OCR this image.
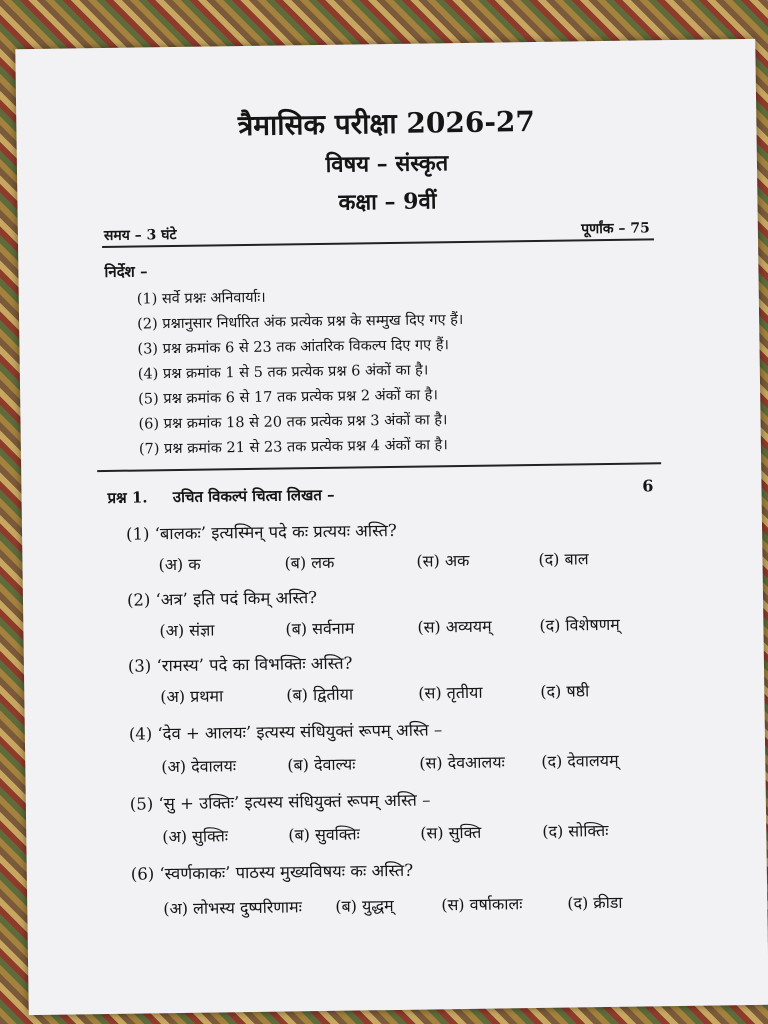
त्रैमासिक परीक्षा 2026-27
विषय – संस्कृत
कक्षा – 9वीं
समय – 3 घंटे	पूर्णांक – 75
निर्देश –
(1) सर्वे प्रश्नः अनिवार्याः।
(2) प्रश्नानुसार निर्धारित अंक प्रत्येक प्रश्न के सम्मुख दिए गए हैं।
(3) प्रश्न क्रमांक 6 से 23 तक आंतरिक विकल्प दिए गए हैं।
(4) प्रश्न क्रमांक 1 से 5 तक प्रत्येक प्रश्न 6 अंकों का है।
(5) प्रश्न क्रमांक 6 से 17 तक प्रत्येक प्रश्न 2 अंकों का है।
(6) प्रश्न क्रमांक 18 से 20 तक प्रत्येक प्रश्न 3 अंकों का है।
(7) प्रश्न क्रमांक 21 से 23 तक प्रत्येक प्रश्न 4 अंकों का है।
प्रश्न 1. उचित विकल्पं चित्वा लिखत –	6
(1) ‘बालकः’ इत्यस्मिन् पदे कः प्रत्ययः अस्ति?
(अ) क	(ब) लक	(स) अक	(द) बाल
(2) ‘अत्र’ इति पदं किम् अस्ति?
(अ) संज्ञा	(ब) सर्वनाम	(स) अव्ययम्	(द) विशेषणम्
(3) ‘रामस्य’ पदे का विभक्तिः अस्ति?
(अ) प्रथमा	(ब) द्वितीया	(स) तृतीया	(द) षष्ठी
(4) ‘देव + आलयः’ इत्यस्य संधियुक्तं रूपम् अस्ति –
(अ) देवालयः	(ब) देवाल्यः	(स) देवआलयः (द) देवालयम्
(5) ‘सु + उक्तिः’ इत्यस्य संधियुक्तं रूपम् अस्ति –
(अ) सुक्तिः	(ब) सुवक्तिः	(स) सुक्ति	(द) सोक्तिः
(6) ‘स्वर्णकाकः’ पाठस्य मुख्यविषयः कः अस्ति?
(अ) लोभस्य दुष्परिणामः (ब) युद्धम्	(स) वर्षाकालः	(द) क्रीडा
